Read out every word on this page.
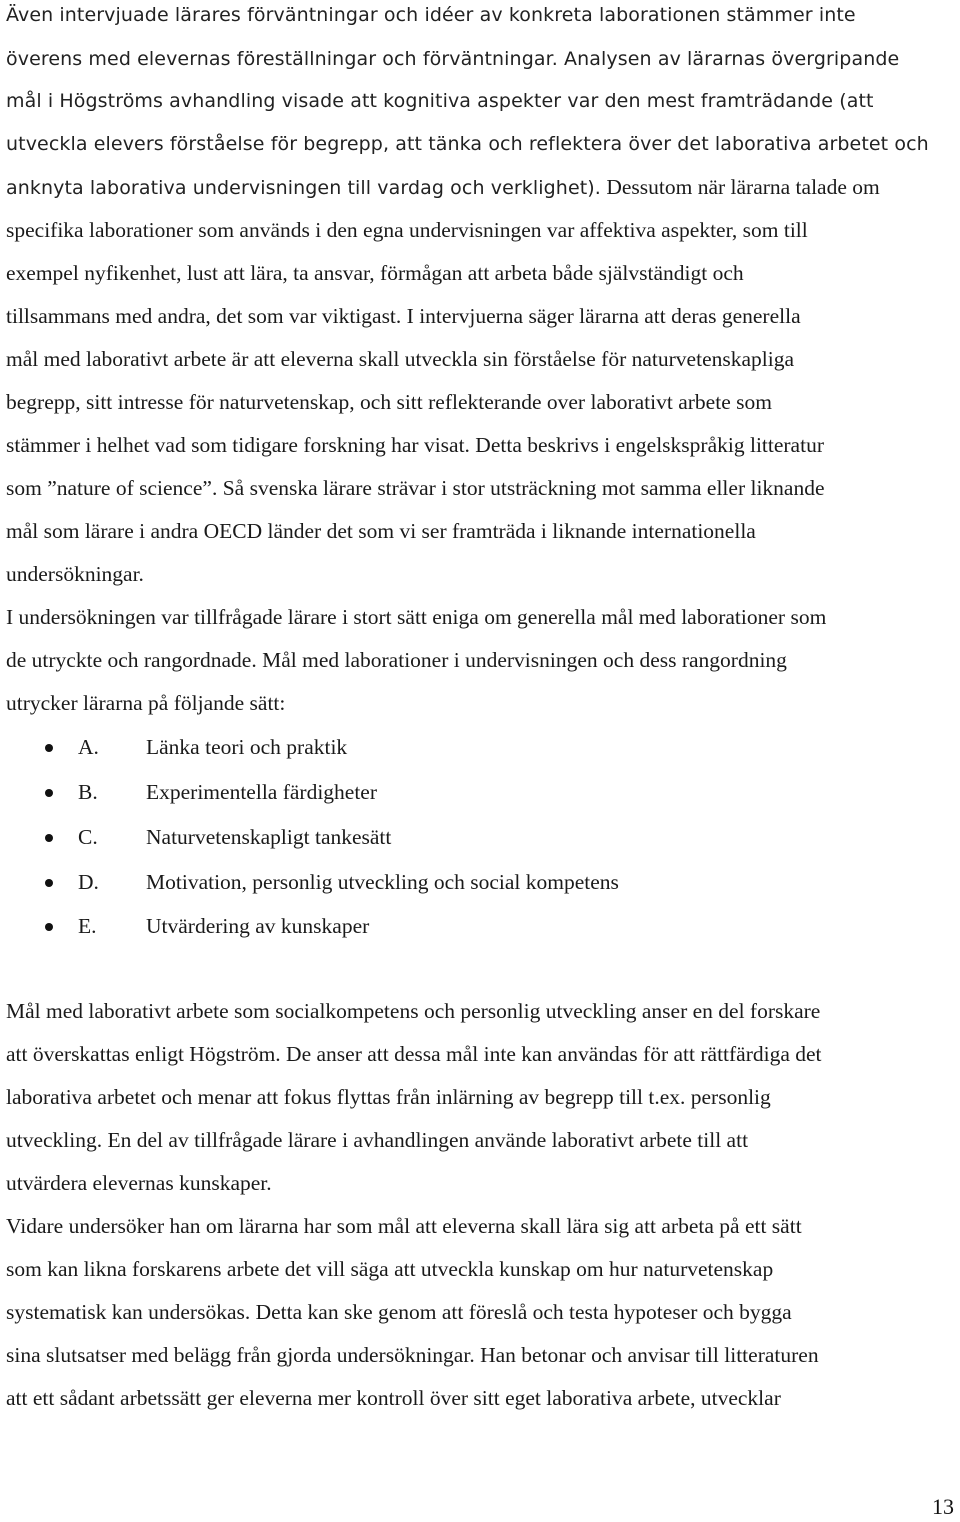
Även intervjuade lärares förväntningar och idéer av konkreta laborationen stämmer inte
överens med elevernas föreställningar och förväntningar. Analysen av lärarnas övergripande
mål i Högströms avhandling visade att kognitiva aspekter var den mest framträdande (att
utveckla elevers förståelse för begrepp, att tänka och reflektera över det laborativa arbetet och
anknyta laborativa undervisningen till vardag och verklighet). Dessutom när lärarna talade om
specifika laborationer som används i den egna undervisningen var affektiva aspekter, som till
exempel nyfikenhet, lust att lära, ta ansvar, förmågan att arbeta både självständigt och
tillsammans med andra, det som var viktigast. I intervjuerna säger lärarna att deras generella
mål med laborativt arbete är att eleverna skall utveckla sin förståelse för naturvetenskapliga
begrepp, sitt intresse för naturvetenskap, och sitt reflekterande over laborativt arbete som
stämmer i helhet vad som tidigare forskning har visat. Detta beskrivs i engelskspråkig litteratur
som ”nature of science”. Så svenska lärare strävar i stor utsträckning mot samma eller liknande
mål som lärare i andra OECD länder det som vi ser framträda i liknande internationella
undersökningar.
I undersökningen var tillfrågade lärare i stort sätt eniga om generella mål med laborationer som
de utryckte och rangordnade. Mål med laborationer i undervisningen och dess rangordning
utrycker lärarna på följande sätt:
A. Länka teori och praktik
B. Experimentella färdigheter
C. Naturvetenskapligt tankesätt
D. Motivation, personlig utveckling och social kompetens
E. Utvärdering av kunskaper
Mål med laborativt arbete som socialkompetens och personlig utveckling anser en del forskare
att överskattas enligt Högström. De anser att dessa mål inte kan användas för att rättfärdiga det
laborativa arbetet och menar att fokus flyttas från inlärning av begrepp till t.ex. personlig
utveckling. En del av tillfrågade lärare i avhandlingen använde laborativt arbete till att
utvärdera elevernas kunskaper.
Vidare undersöker han om lärarna har som mål att eleverna skall lära sig att arbeta på ett sätt
som kan likna forskarens arbete det vill säga att utveckla kunskap om hur naturvetenskap
systematisk kan undersökas. Detta kan ske genom att föreslå och testa hypoteser och bygga
sina slutsatser med belägg från gjorda undersökningar. Han betonar och anvisar till litteraturen
att ett sådant arbetssätt ger eleverna mer kontroll över sitt eget laborativa arbete, utvecklar
13
